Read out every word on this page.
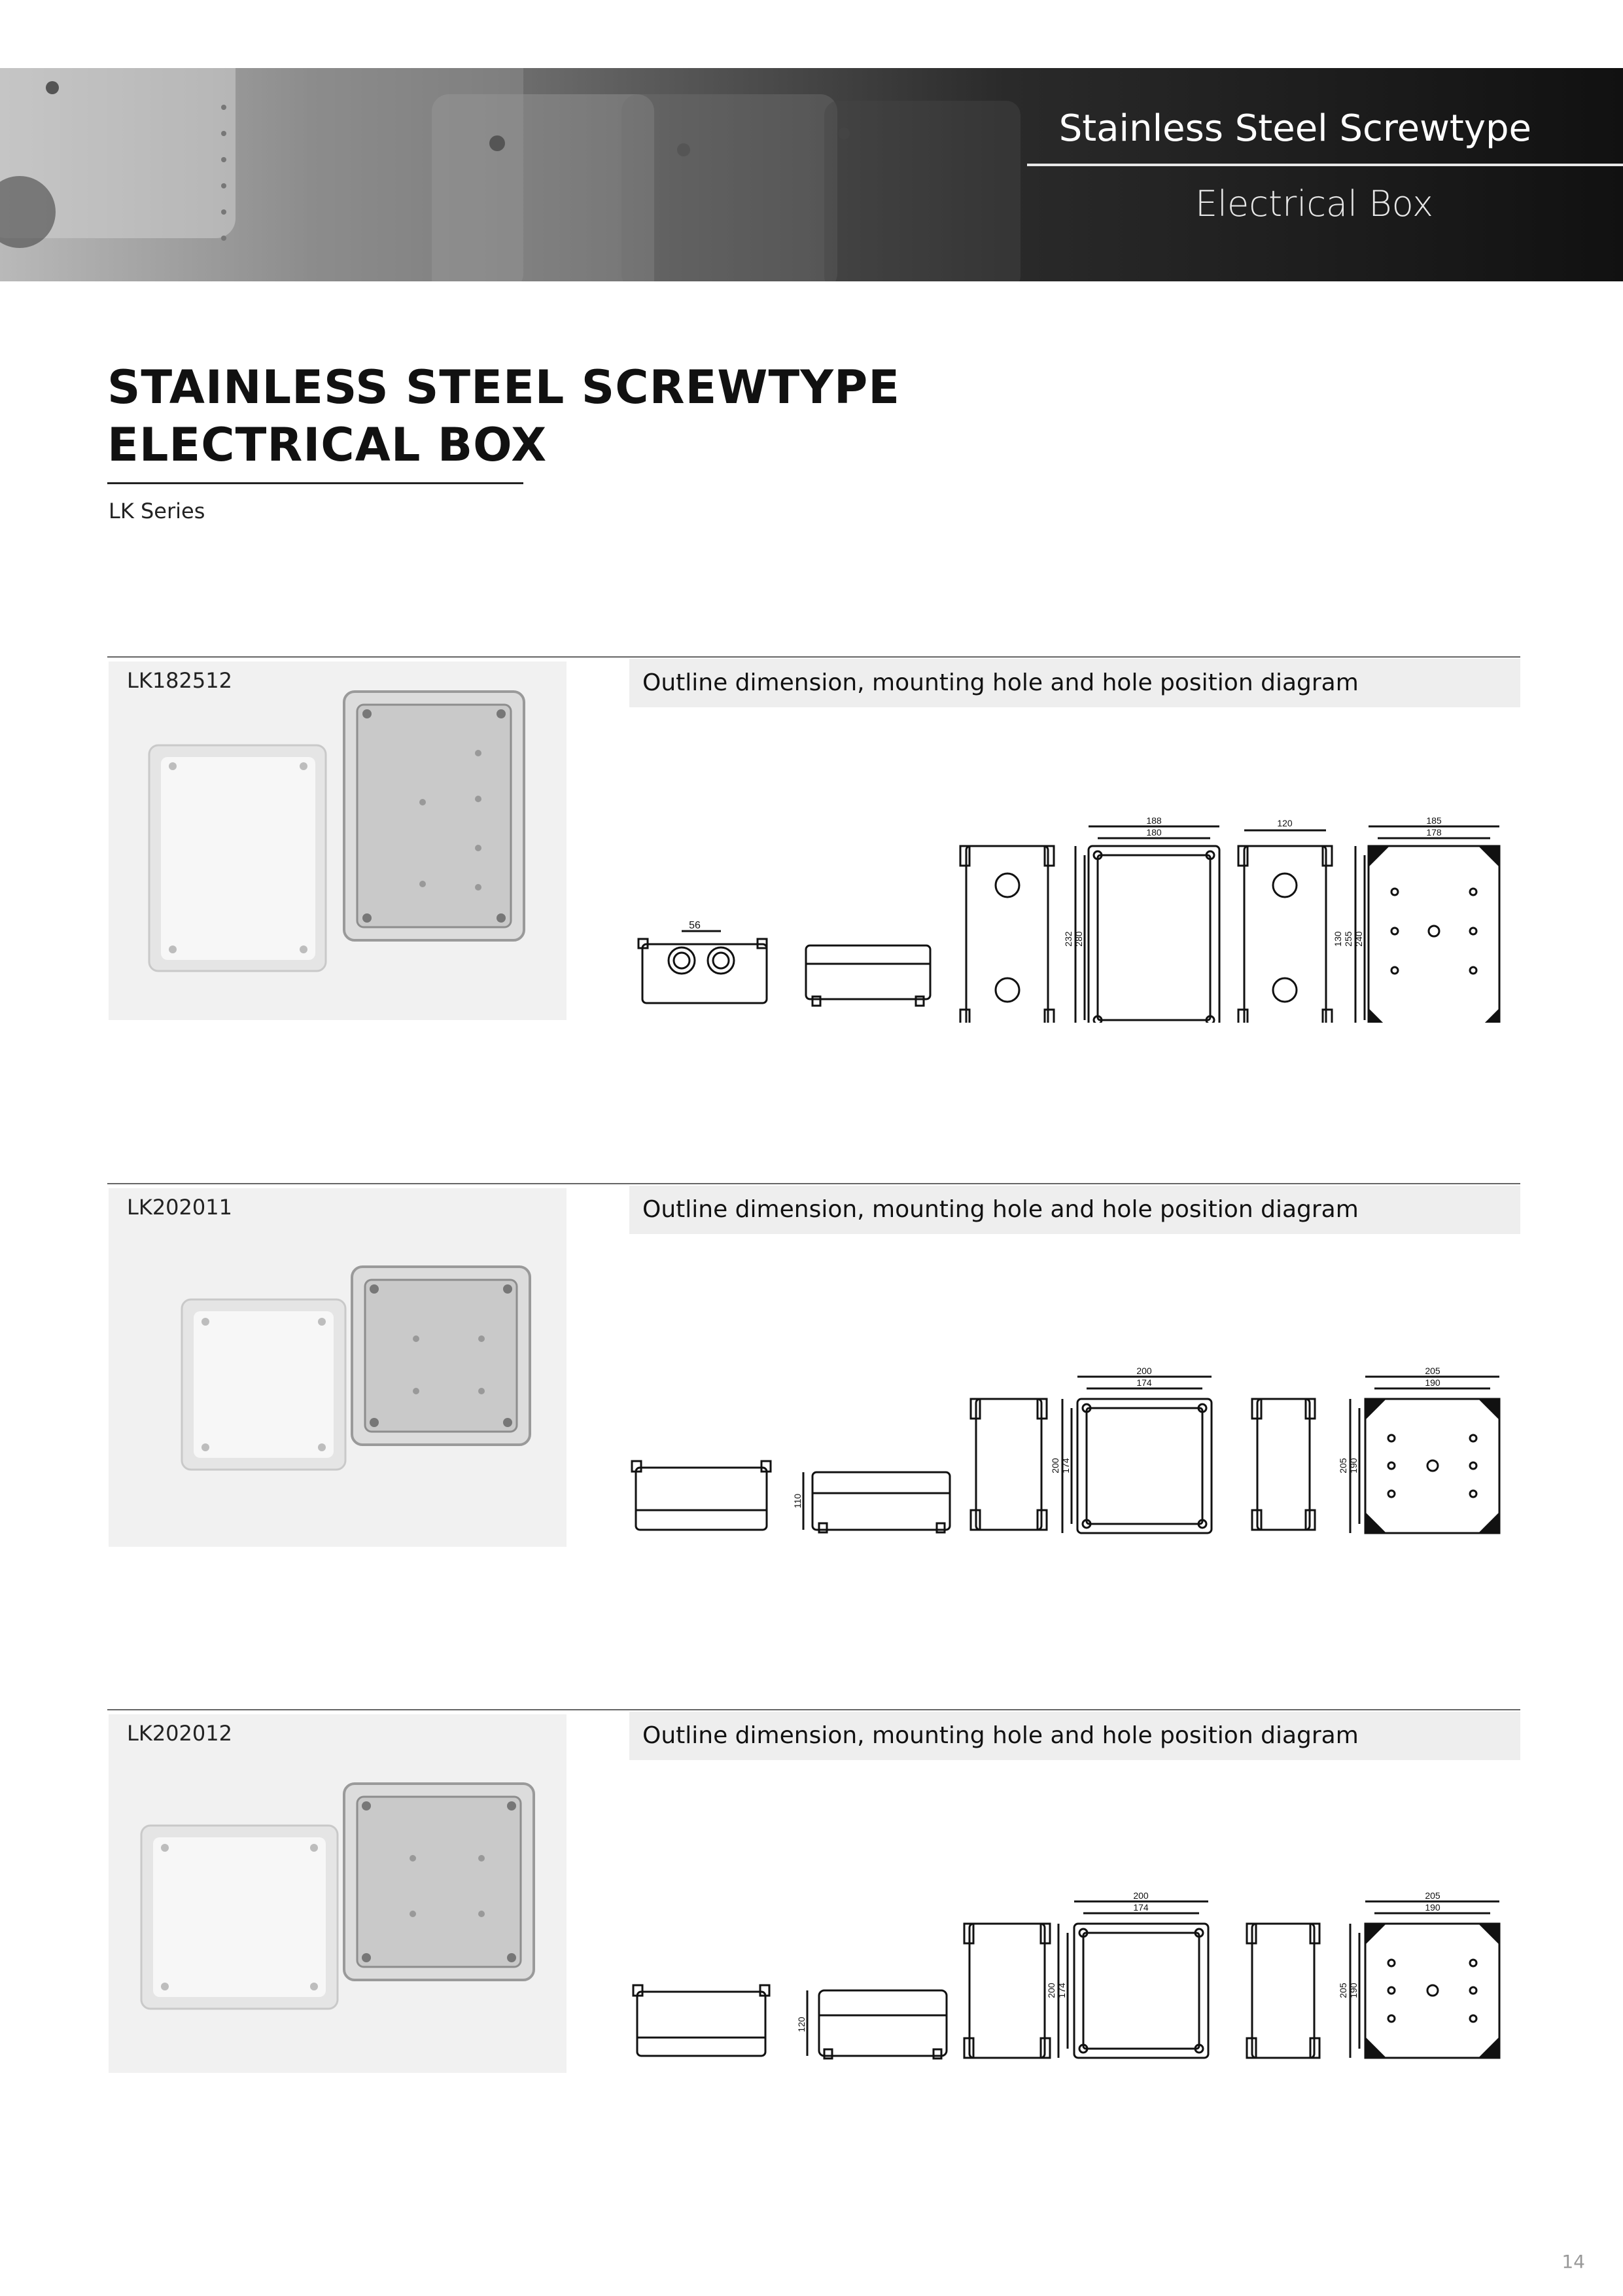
Stainless Steel Screwtype
Electrical Box
STAINLESS STEEL SCREWTYPE
ELECTRICAL BOX
LK Series
LK182512	Outline dimension, mounting hole and hole position diagram
56
188
180
232 280
120
130
185
178
255 240
LK202011	Outline dimension, mounting hole and hole position diagram
110
200
174
200 174
205
190
205 190
LK202012	Outline dimension, mounting hole and hole position diagram
120
200
174
200 174
205
190
205 190
14
